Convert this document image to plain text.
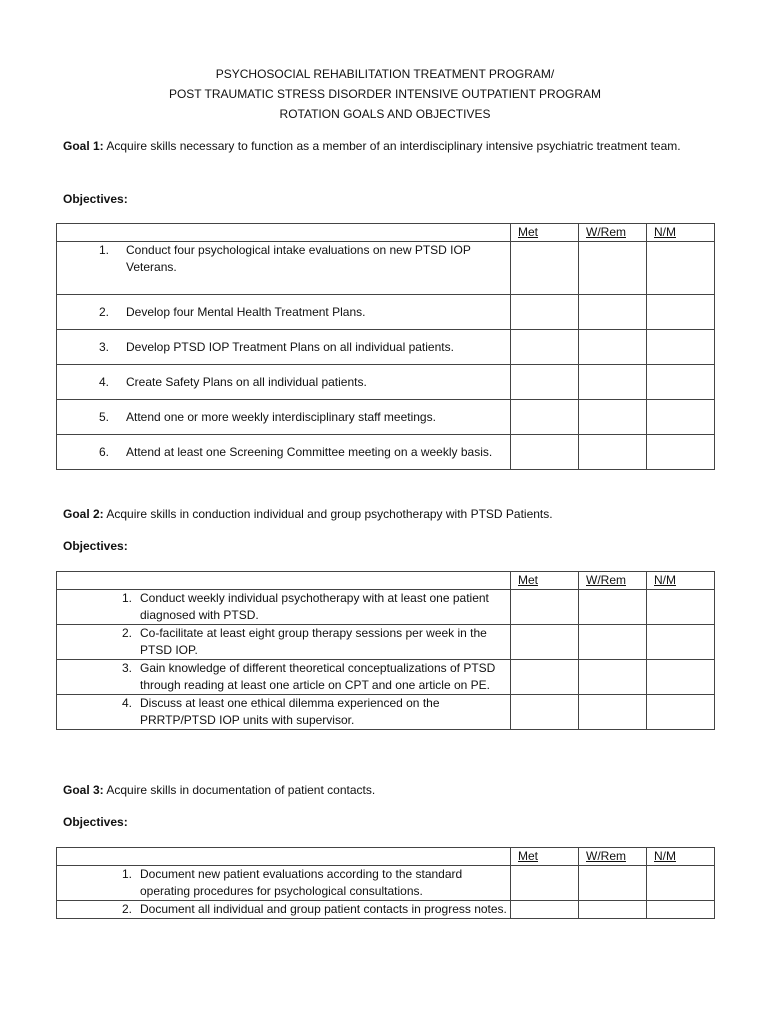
PSYCHOSOCIAL REHABILITATION TREATMENT PROGRAM/
POST TRAUMATIC STRESS DISORDER INTENSIVE OUTPATIENT PROGRAM
ROTATION GOALS AND OBJECTIVES
Goal 1: Acquire skills necessary to function as a member of an interdisciplinary intensive psychiatric treatment team.
Objectives:

	Met	W/Rem	N/M

1. Conduct four psychological intake evaluations on new PTSD IOP Veterans.			

2. Develop four Mental Health Treatment Plans.			

3. Develop PTSD IOP Treatment Plans on all individual patients.			

4. Create Safety Plans on all individual patients.			

5. Attend one or more weekly interdisciplinary staff meetings.			

6. Attend at least one Screening Committee meeting on a weekly basis.			

Goal 2: Acquire skills in conduction individual and group psychotherapy with PTSD Patients.
Objectives:

	Met	W/Rem	N/M

1. Conduct weekly individual psychotherapy with at least one patient diagnosed with PTSD.			

2. Co-facilitate at least eight group therapy sessions per week in the PTSD IOP.			

3. Gain knowledge of different theoretical conceptualizations of PTSD through reading at least one article on CPT and one article on PE.			

4. Discuss at least one ethical dilemma experienced on the PRRTP/PTSD IOP units with supervisor.			

Goal 3: Acquire skills in documentation of patient contacts.
Objectives:

	Met	W/Rem	N/M

1. Document new patient evaluations according to the standard operating procedures for psychological consultations.			

2. Document all individual and group patient contacts in progress notes.			
